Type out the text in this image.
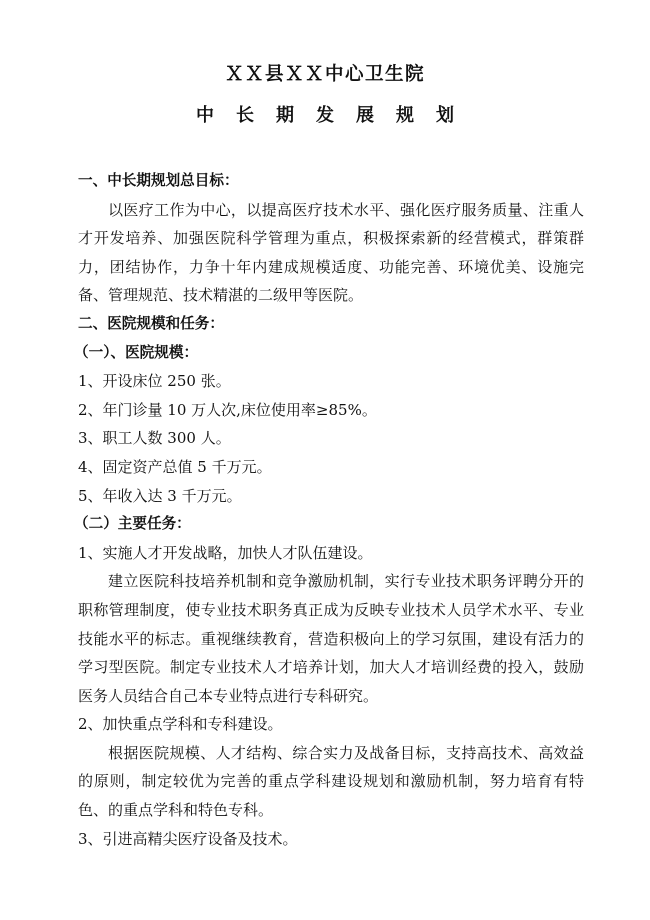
ＸＸ县ＸＸ中心卫生院
中长期发展规划

一、中长期规划总目标：

以医疗工作为中心，以提高医疗技术水平、强化医疗服务质量、注重人才开发培养、加强医院科学管理为重点，积极探索新的经营模式，群策群力，团结协作，力争十年内建成规模适度、功能完善、环境优美、设施完备、管理规范、技术精湛的二级甲等医院。

二、医院规模和任务：

（一）、医院规模：

1、开设床位 250 张。

2、年门诊量 10 万人次,床位使用率≥85%。

3、职工人数 300 人。

4、固定资产总值 5 千万元。

5、年收入达 3 千万元。

（二）主要任务：

1、实施人才开发战略，加快人才队伍建设。

建立医院科技培养机制和竞争激励机制，实行专业技术职务评聘分开的职称管理制度，使专业技术职务真正成为反映专业技术人员学术水平、专业技能水平的标志。重视继续教育，营造积极向上的学习氛围，建设有活力的学习型医院。制定专业技术人才培养计划，加大人才培训经费的投入，鼓励医务人员结合自己本专业特点进行专科研究。

2、加快重点学科和专科建设。

根据医院规模、人才结构、综合实力及战备目标，支持高技术、高效益的原则，制定较优为完善的重点学科建设规划和激励机制，努力培育有特色、的重点学科和特色专科。

3、引进高精尖医疗设备及技术。
